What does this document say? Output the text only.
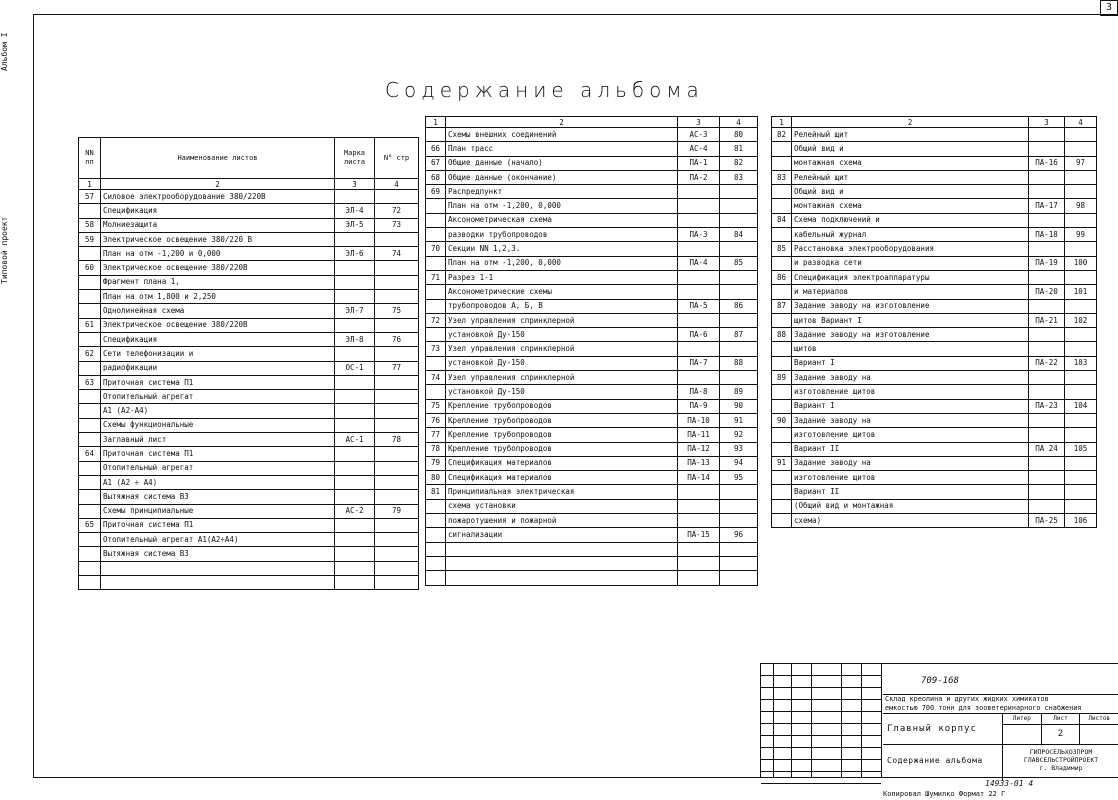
3
Альбом I
Типовой проект
Содержание альбома
NN пп	Наименование листов	Марка листа	N° стр
1	2	3	4
57	Силовое электрооборудование 380/220В		
	Спецификация	ЭЛ-4	72
58	Молниезащита	ЭЛ-5	73
59	Электрическое освещение 380/220 В		
	План на отм -1,200 и 0,000	ЭЛ-6	74
60	Электрическое освещение 380/220В		
	Фрагмент плана 1,		
	План на отм 1,800 и 2,250		
	Однолинейная схема	ЭЛ-7	75
61	Электрическое освещение 380/220В		
	Спецификация	ЭЛ-8	76
62	Сети телефонизации и		
	радиофикации	ОС-1	77
63	Приточная система П1		
	Отопительный агрегат		
	А1 (А2-А4)		
	Схемы функциональные		
	Заглавный лист	АС-1	78
64	Приточная система П1		
	Отопительный агрегат		
	А1 (А2 ÷ А4)		
	Вытяжная система В3		
	Схемы принципиальные	АС-2	79
65	Приточная система П1		
	Отопительный агрегат А1(А2÷А4)		
	Вытяжная система В3		

1	2	3	4
	Схемы внешних соединений	АС-3	80
66	План трасс	АС-4	81
67	Общие данные (начало)	ПА-1	82
68	Общие данные (окончание)	ПА-2	83
69	Распредпункт		
	План на отм -1,200, 0,000		
	Аксонометрическая схема		
	разводки трубопроводов	ПА-3	84
70	Секции NN 1,2,3.		
	План на отм -1,200, 0,000	ПА-4	85
71	Разрез 1-1		
	Аксонометрические схемы		
	трубопроводов А, Б, В	ПА-5	86
72	Узел управления спринклерной		
	установкой Ду-150	ПА-6	87
73	Узел управления спринклерной		
	установкой Ду-150	ПА-7	88
74	Узел управления спринклерной		
	установкой Ду-150	ПА-8	89
75	Крепление трубопроводов	ПА-9	90
76	Крепление трубопроводов	ПА-10	91
77	Крепление трубопроводов	ПА-11	92
78	Крепление трубопроводов	ПА-12	93
79	Спецификация материалов	ПА-13	94
80	Спецификация материалов	ПА-14	95
81	Принципиальная электрическая		
	схема установки		
	пожаротушения и пожарной		
	сигнализации	ПА-15	96

1	2	3	4
82	Релейный щит		
	Общий вид и		
	монтажная схема	ПА-16	97
83	Релейный щит		
	Общий вид и		
	монтажная схема	ПА-17	98
84	Схема подключений и		
	кабельный журнал	ПА-18	99
85	Расстановка электрооборудования		
	и разводка сети	ПА-19	100
86	Спецификация электроаппаратуры		
	и материалов	ПА-20	101
87	Задание заводу на изготовление		
	щитов Вариант I	ПА-21	102
88	Задание заводу на изготовление		
	щитов		
	Вариант I	ПА-22	103
89	Задание заводу на		
	изготовление щитов		
	Вариант I	ПА-23	104
90	Задание заводу на		
	изготовление щитов		
	Вариант II	ПА 24	105
91	Задание заводу на		
	изготовление щитов		
	Вариант II		
	(Общий вид и монтажная		
	схема)	ПА-25	106
709-168
Склад креолина и других жидких химикатов
емкостью 700 тонн для зооветеринарного снабжения
Главный корпус
Литер	Лист	Листов
2
Содержание альбома
ГИПРОСЕЛЬХОЗПРОМ
ГЛАВСЕЛЬСТРОЙПРОЕКТ
г. Владимир
14933-01 4
Копировал Шумилко Формат 22 Г
